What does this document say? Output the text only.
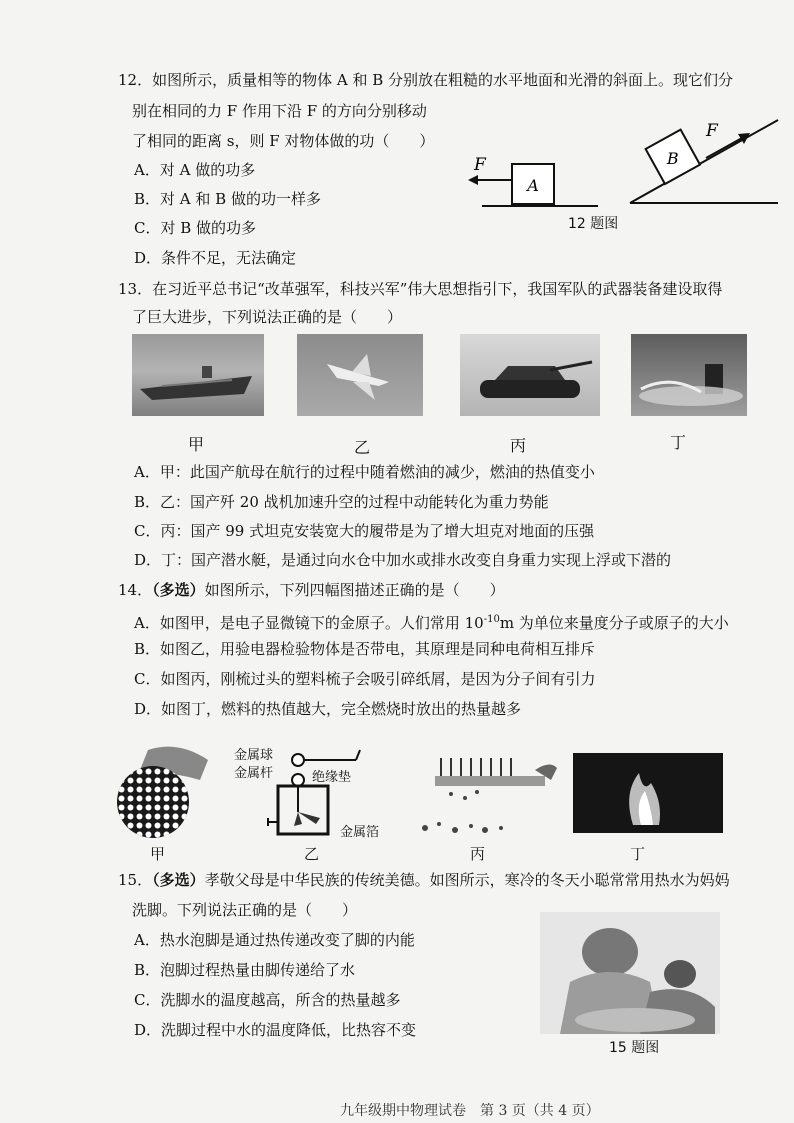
12．如图所示，质量相等的物体 A 和 B 分别放在粗糙的水平地面和光滑的斜面上。现它们分
别在相同的力 F 作用下沿 F 的方向分别移动
了相同的距离 s，则 F 对物体做的功（　　）
A．对 A 做的功多
B．对 A 和 B 做的功一样多
C．对 B 做的功多
D．条件不足，无法确定
A
F	B
F
12 题图
13．在习近平总书记“改革强军，科技兴军”伟大思想指引下，我国军队的武器装备建设取得
了巨大进步，下列说法正确的是（　　）
甲	乙	丙	丁
A．甲：此国产航母在航行的过程中随着燃油的减少，燃油的热值变小
B．乙：国产歼 20 战机加速升空的过程中动能转化为重力势能
C．丙：国产 99 式坦克安装宽大的履带是为了增大坦克对地面的压强
D．丁：国产潜水艇，是通过向水仓中加水或排水改变自身重力实现上浮或下潜的
14．（多选）如图所示，下列四幅图描述正确的是（　　）
A．如图甲，是电子显微镜下的金原子。人们常用 $10^{-10}m$ 为单位来量度分子或原子的大小
B．如图乙，用验电器检验物体是否带电，其原理是同种电荷相互排斥
C．如图丙，刚梳过头的塑料梳子会吸引碎纸屑，是因为分子间有引力
D．如图丁，燃料的热值越大，完全燃烧时放出的热量越多
金属球
金属杆	绝缘垫
金属箔
甲	乙	丙	丁
15．（多选）孝敬父母是中华民族的传统美德。如图所示，寒冷的冬天小聪常常用热水为妈妈
洗脚。下列说法正确的是（　　）
A．热水泡脚是通过热传递改变了脚的内能
B．泡脚过程热量由脚传递给了水
C．洗脚水的温度越高，所含的热量越多
D．洗脚过程中水的温度降低，比热容不变
15 题图
九年级期中物理试卷　第 3 页（共 4 页）
